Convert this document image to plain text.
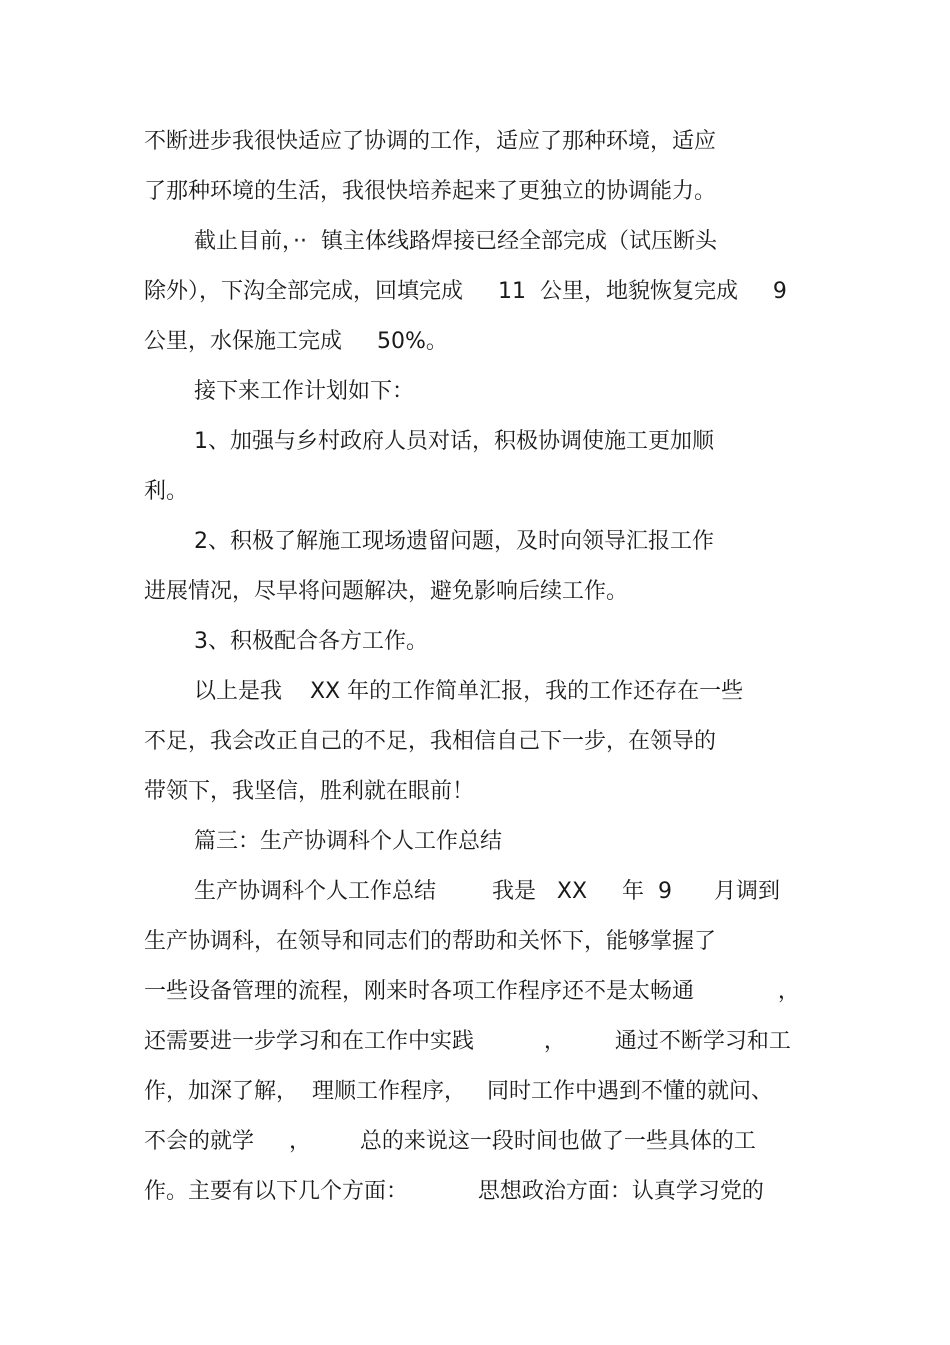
不断进步我很快适应了协调的工作，适应了那种环境，适应
了那种环境的生活，我很快培养起来了更独立的协调能力。
截止目前，··  镇主体线路焊接已经全部完成（试压断头
除外），下沟全部完成，回填完成     11  公里，地貌恢复完成     9
公里，水保施工完成     50%。
接下来工作计划如下：
1、加强与乡村政府人员对话，积极协调使施工更加顺
利。
2、积极了解施工现场遗留问题，及时向领导汇报工作
进展情况，尽早将问题解决，避免影响后续工作。
3、积极配合各方工作。
以上是我    XX 年的工作简单汇报，我的工作还存在一些
不足，我会改正自己的不足，我相信自己下一步，在领导的
带领下，我坚信，胜利就在眼前！
篇三：生产协调科个人工作总结
生产协调科个人工作总结        我是   XX     年  9      月调到
生产协调科，在领导和同志们的帮助和关怀下，能够掌握了
一些设备管理的流程，刚来时各项工作程序还不是太畅通            ，
还需要进一步学习和在工作中实践          ，       通过不断学习和工
作，加深了解，  理顺工作程序，   同时工作中遇到不懂的就问、
不会的就学     ，       总的来说这一段时间也做了一些具体的工
作。主要有以下几个方面：          思想政治方面：认真学习党的
